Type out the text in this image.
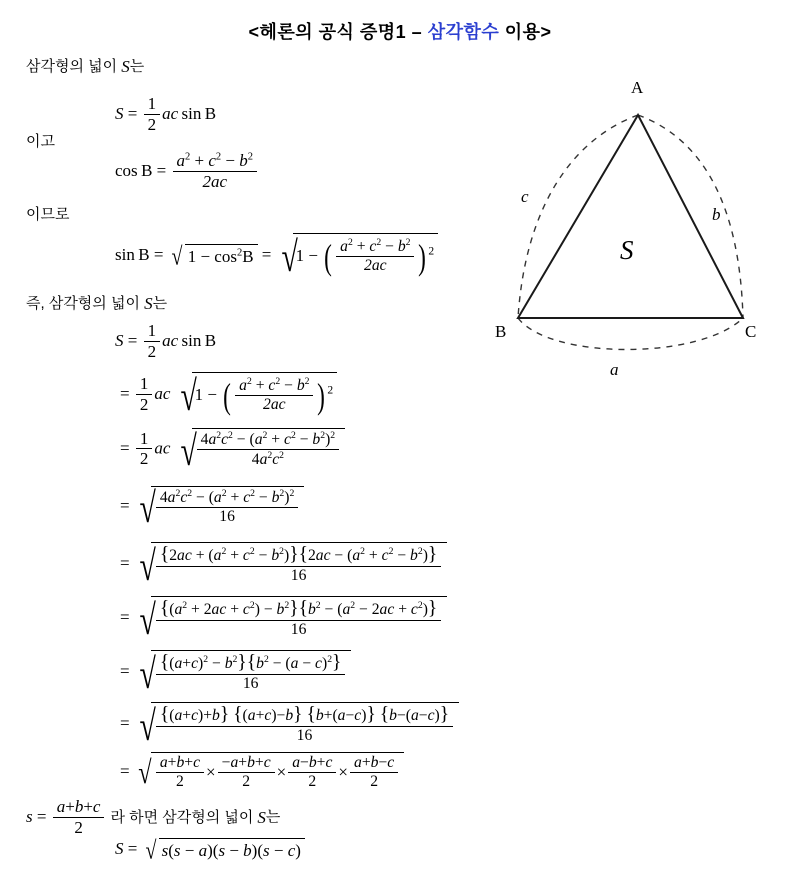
<헤론의 공식 증명1 – 삼각함수 이용>
삼각형의 넓이 S는
$S = \frac{1}{2}$ ac  sin B
이고
$\cos B = \frac{a^2 + c^2 - b^2}{2ac}$
이므로
sin B = √ $1 - \cos^2B$ = √
1 − ( $\frac{a^2 + c^2 - b^2}{2ac}$ ) $^2$
즉, 삼각형의 넓이 S는
$S = \frac{1}{2}$ ac  sin B
= $\frac{1}{2}$ ac √
1 − ( $\frac{a^2 + c^2 - b^2}{2ac}$ ) $^2$
= $\frac{1}{2}$ ac √ $\frac{4a^2c^2 - (a^2 + c^2 - b^2)^2}{4a^2c^2}$
= √ $\frac{4a^2c^2 - (a^2 + c^2 - b^2)^2}{16}$
= √ $\frac{\{2ac + (a^2 + c^2 - b^2)\}\{2ac - (a^2 + c^2 - b^2)\}}{16}$
= √ $\frac{\{(a^2 + 2ac + c^2) - b^2\}\{b^2 - (a^2 - 2ac + c^2)\}}{16}$
= √ $\frac{\{(a+c)^2 - b^2\}\{b^2 - (a - c)^2\}}{16}$
= √ $\frac{\{(a+c)+b\} \{(a+c)-b\} \{b+(a-c)\} \{b-(a-c)\}}{16}$
= √ $\frac{a+b+c}{2} \times \frac{-a+b+c}{2} \times \frac{a-b+c}{2} \times \frac{a+b-c}{2}$
$s = \frac{a+b+c}{2}$ 라 하면 삼각형의 넓이 S는
S = √ s(s − a)(s − b)(s − c)
A
B	C
c
b
a
S
